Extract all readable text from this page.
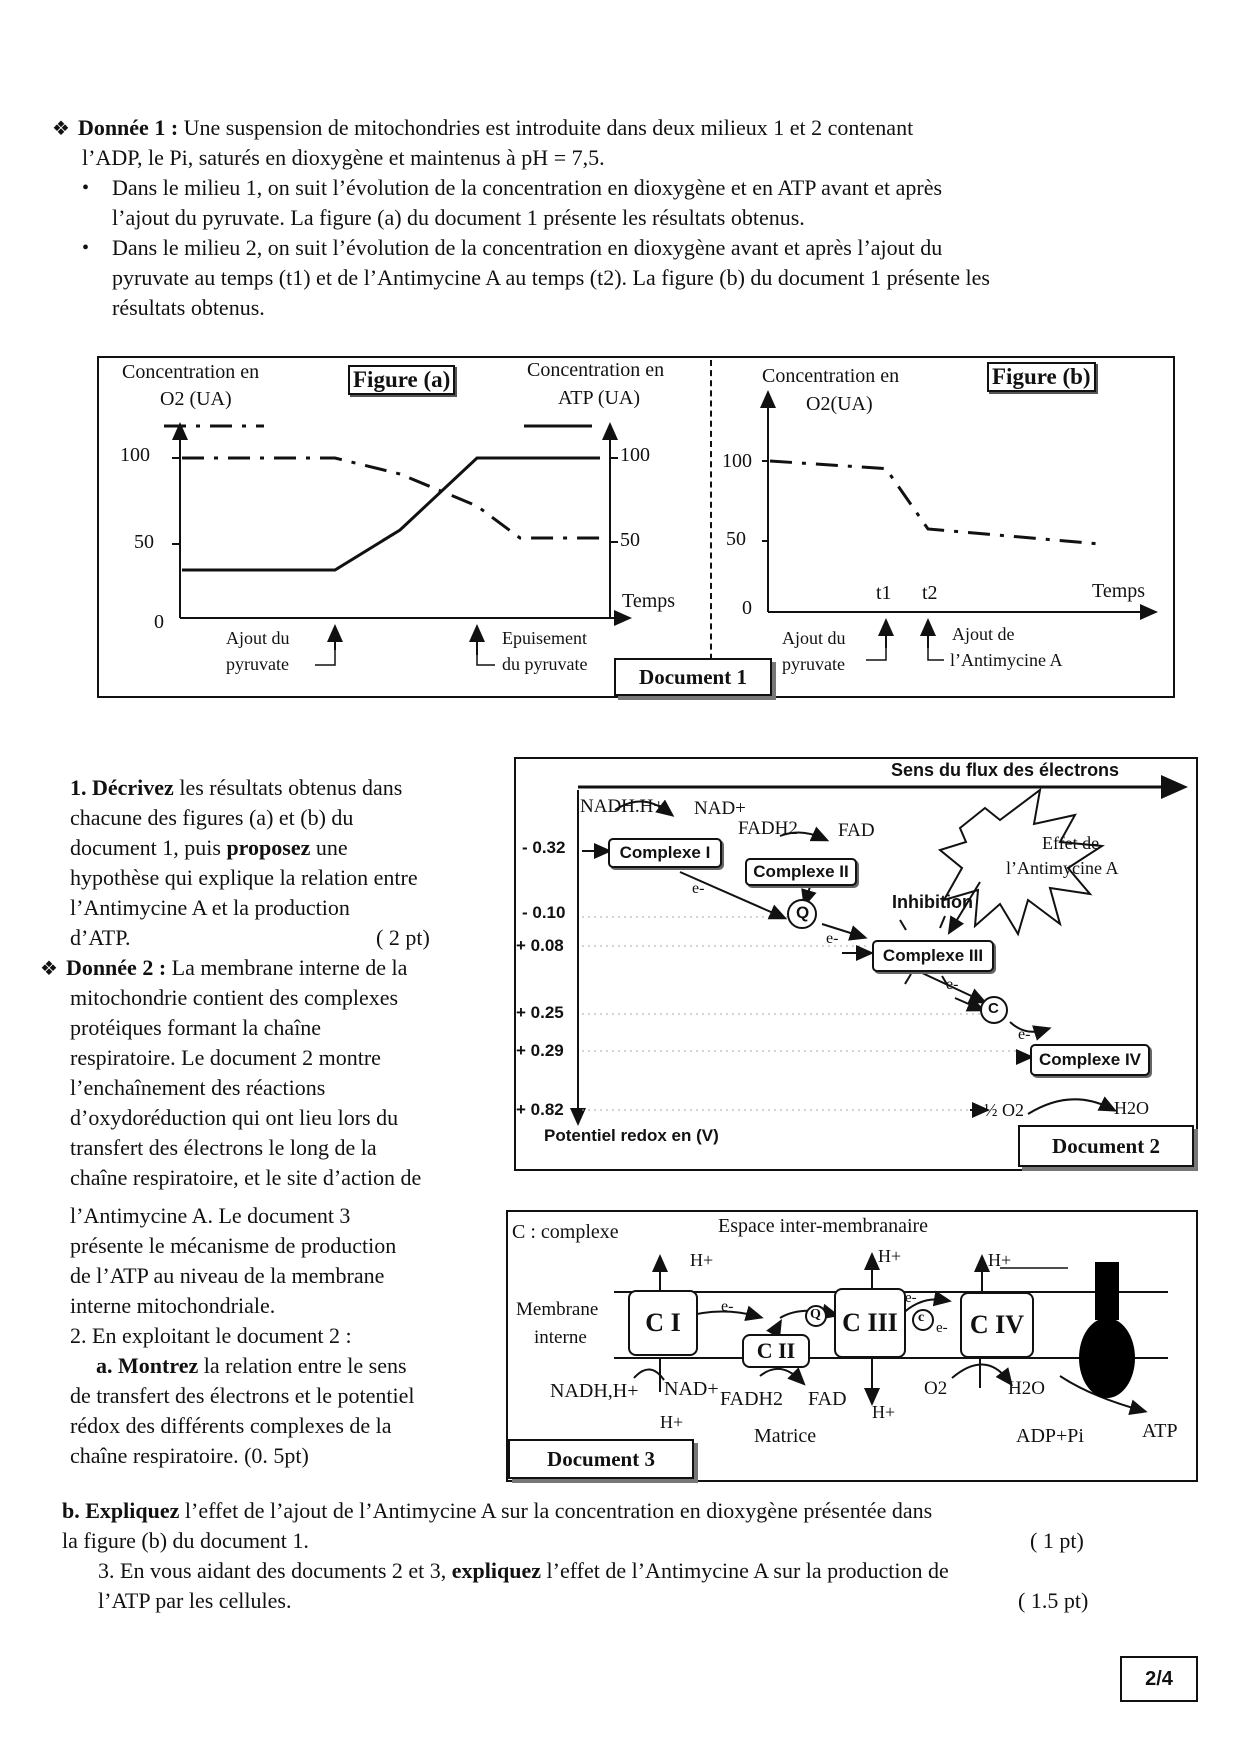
❖ Donnée 1 : Une suspension de mitochondries est introduite dans deux milieux 1 et 2 contenant
l’ADP, le Pi, saturés en dioxygène et maintenus à pH = 7,5.
• Dans le milieu 1, on suit l’évolution de la concentration en dioxygène et en ATP avant et après
l’ajout du pyruvate. La figure (a) du document 1 présente les résultats obtenus.
• Dans le milieu 2, on suit l’évolution de la concentration en dioxygène avant et après l’ajout du
pyruvate au temps (t1) et de l’Antimycine A au temps (t2). La figure (b) du document 1 présente les
résultats obtenus.
Concentration en
O2 (UA)
Figure (a)	Concentration en
ATP (UA)
100
50
0
100
50
Temps
Ajout du
pyruvate
Epuisement
du pyruvate
Concentration en
O2(UA)
Figure (b)
100
50
0
t1 t2	Temps
Ajout du
pyruvate
Ajout de
l’Antimycine A
Document 1
1. Décrivez les résultats obtenus dans
chacune des figures (a) et (b) du
document 1, puis proposez une
hypothèse qui explique la relation entre
l’Antimycine A et la production
d’ATP.	( 2 pt)
❖ Donnée 2 : La membrane interne de la
mitochondrie contient des complexes
protéiques formant la chaîne
respiratoire. Le document 2 montre
l’enchaînement des réactions
d’oxydoréduction qui ont lieu lors du
transfert des électrons le long de la
chaîne respiratoire, et le site d’action de
l’Antimycine A. Le document 3
présente le mécanisme de production
de l’ATP au niveau de la membrane
interne mitochondriale.
2. En exploitant le document 2 :
a. Montrez la relation entre le sens
de transfert des électrons et le potentiel
rédox des différents complexes de la
chaîne respiratoire. (0. 5pt)
Sens du flux des électrons
- 0.32
- 0.10
+ 0.08
+ 0.25
+ 0.29
+ 0.82
Potentiel redox en (V)
NADH.H+ NAD+
FADH2 FAD
Complexe I
Complexe II
Complexe III
Complexe IV
Q
C
e-
e-
e-
e-
Inhibition
Effet de
l’Antimycine A
½ O2	H2O
Document 2
C : complexe	Espace inter-membranaire
H+	H+	H+
Membrane
interne
C I
C II
C III	C IV
e-	Q	c
e-
e-
NADH,H+ NAD+ FADH2 FAD
H+	H+
Matrice
O2	H2O
ADP+Pi	ATP
Document 3
b. Expliquez l’effet de l’ajout de l’Antimycine A sur la concentration en dioxygène présentée dans
la figure (b) du document 1.	( 1 pt)
3. En vous aidant des documents 2 et 3, expliquez l’effet de l’Antimycine A sur la production de
l’ATP par les cellules.	( 1.5 pt)
2/4
